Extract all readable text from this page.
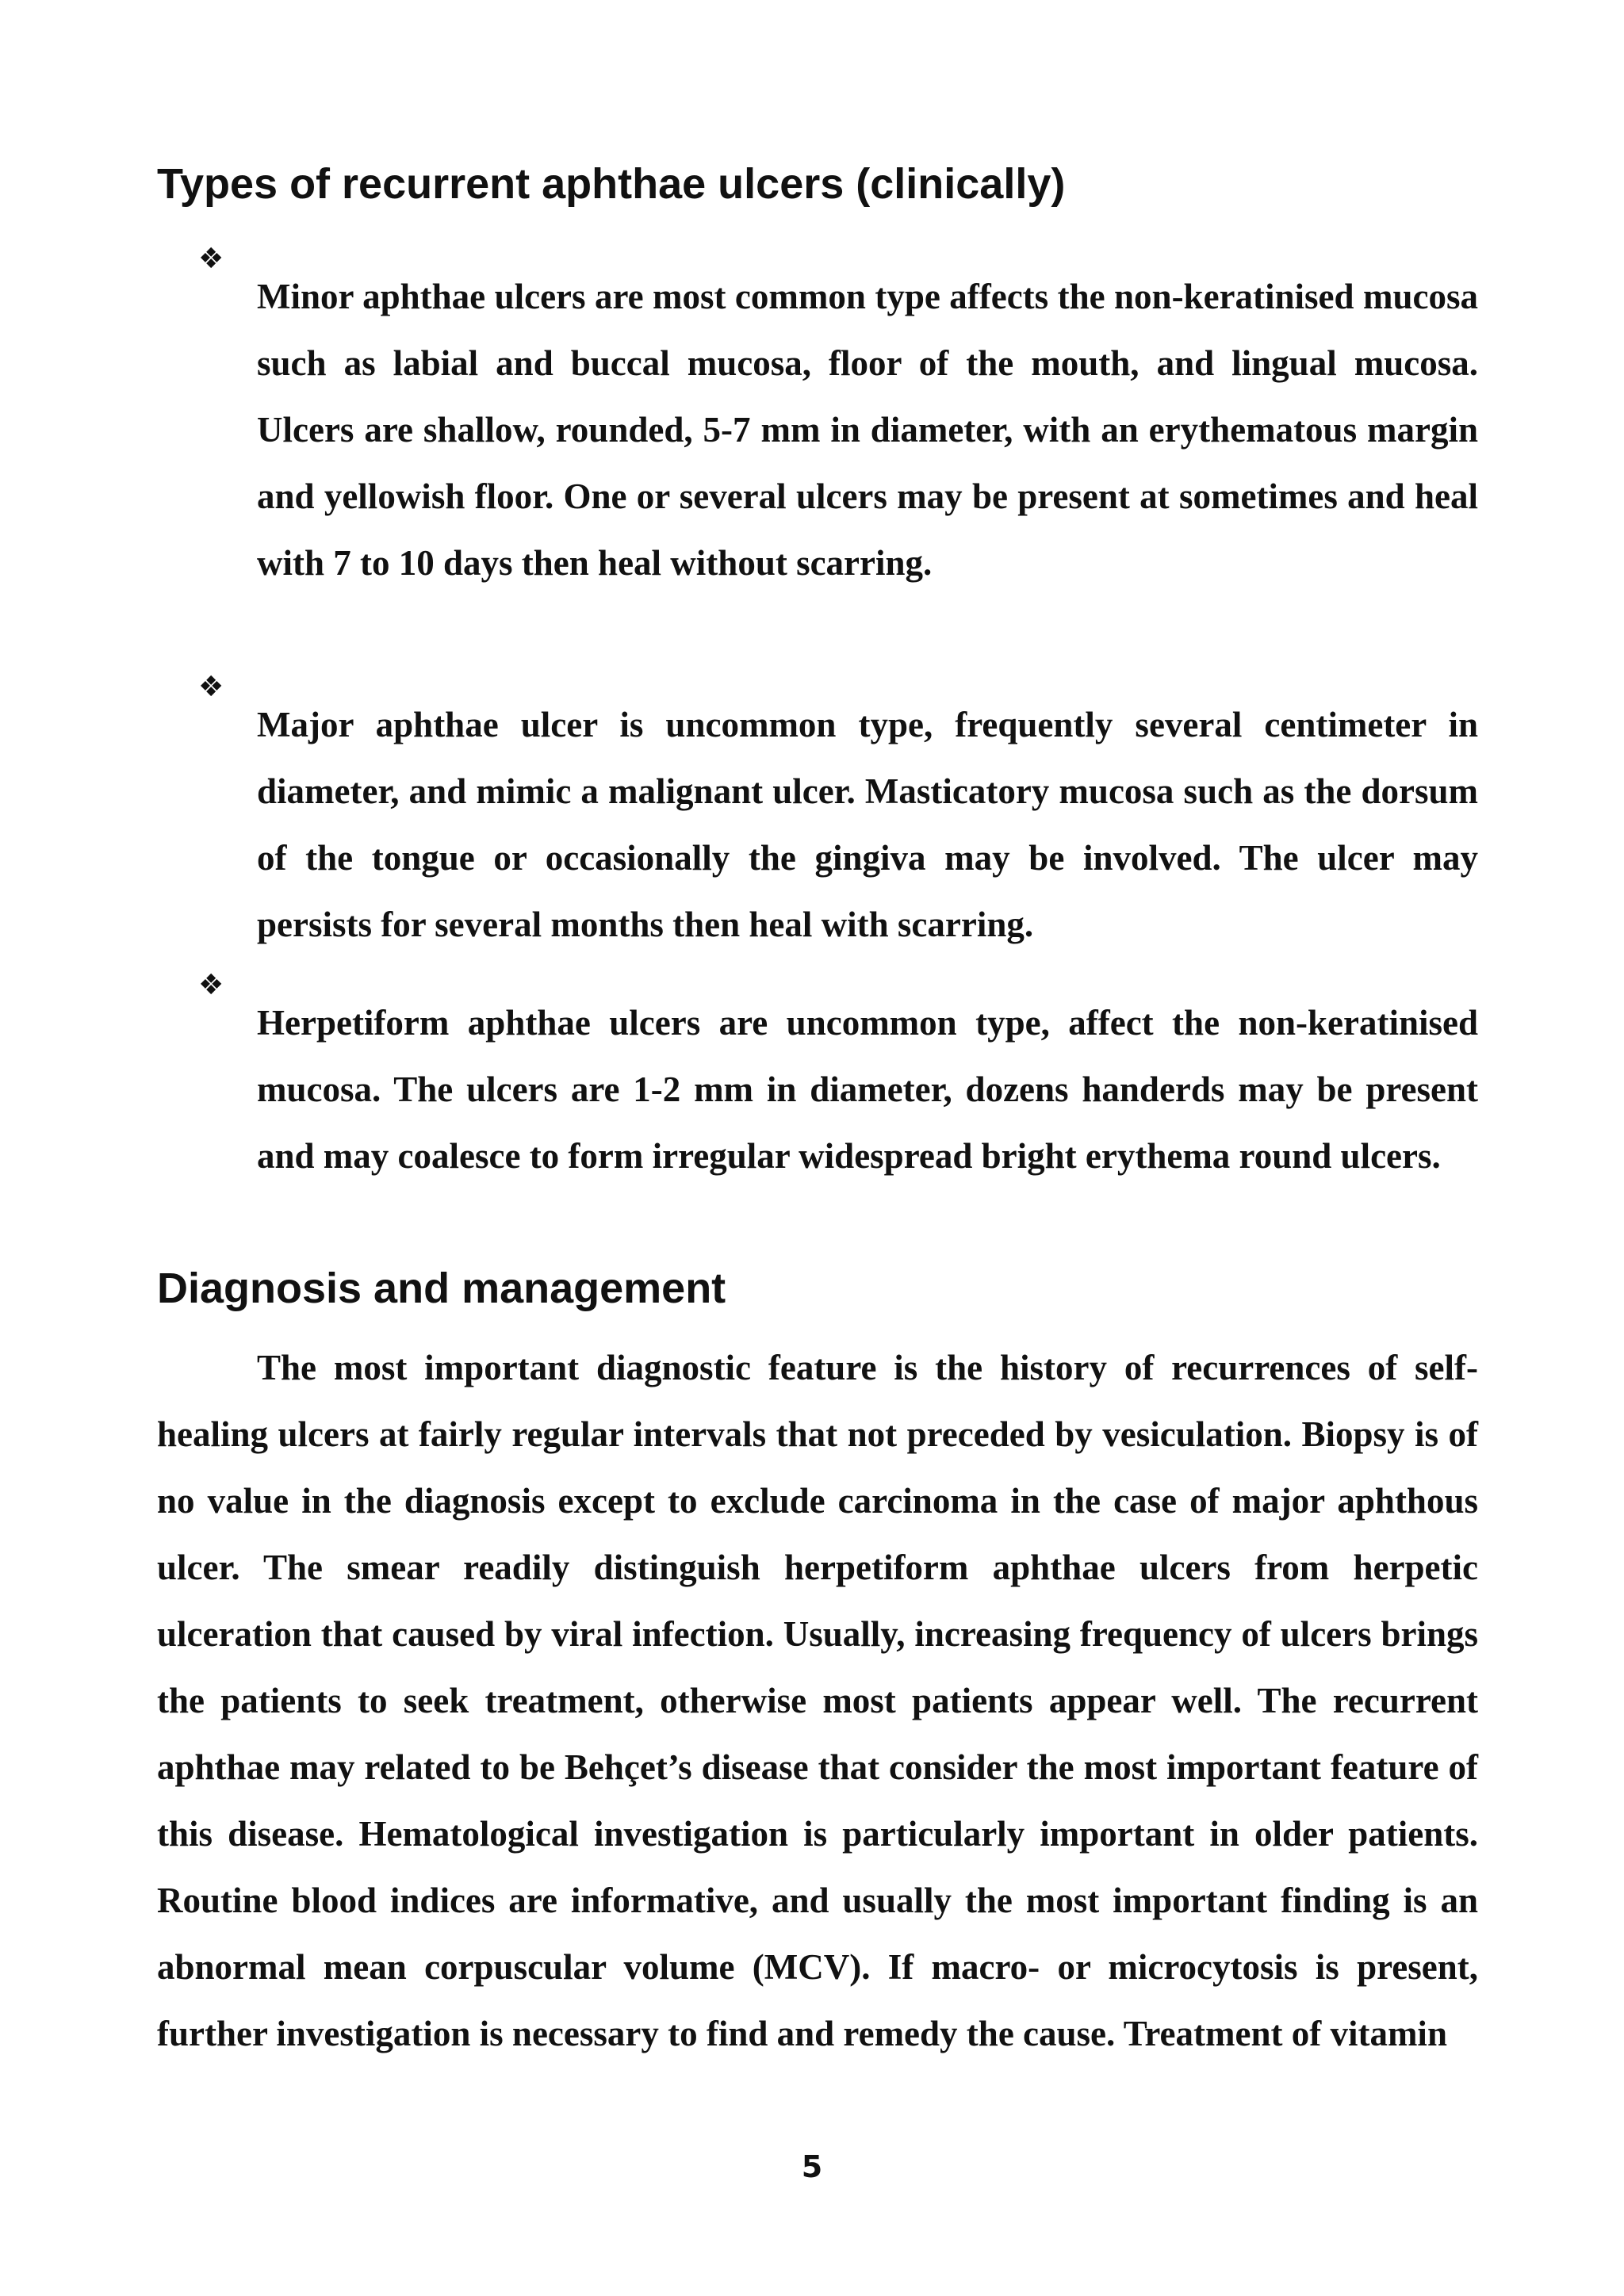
Types of recurrent aphthae ulcers (clinically)
❖

Minor aphthae ulcers are most common type affects the non-keratinised mucosa such as labial and buccal mucosa, floor of the mouth, and lingual mucosa. Ulcers are shallow, rounded, 5-7 mm in diameter, with an erythematous margin and yellowish floor. One or several ulcers may be present at sometimes and heal with 7 to 10 days then heal without scarring.

❖

Major aphthae ulcer is uncommon type, frequently several centimeter in diameter, and mimic a malignant ulcer. Masticatory mucosa such as the dorsum of the tongue or occasionally the gingiva may be involved. The ulcer may persists for several months then heal with scarring.

❖

Herpetiform aphthae ulcers are uncommon type, affect the non-keratinised mucosa. The ulcers are 1-2 mm in diameter, dozens handerds may be present and may coalesce to form irregular widespread bright erythema round ulcers.

Diagnosis and management

The most important diagnostic feature is the history of recurrences of self-healing ulcers at fairly regular intervals that not preceded by vesiculation. Biopsy is of no value in the diagnosis except to exclude carcinoma in the case of major aphthous ulcer. The smear readily distinguish herpetiform aphthae ulcers from herpetic ulceration that caused by viral infection. Usually, increasing frequency of ulcers brings the patients to seek treatment, otherwise most patients appear well. The recurrent aphthae may related to be Behçet’s disease that consider the most important feature of this disease. Hematological investigation is particularly important in older patients. Routine blood indices are informative, and usually the most important finding is an abnormal mean corpuscular volume (MCV). If macro- or microcytosis is present, further investigation is necessary to find and remedy the cause. Treatment of vitamin

5
